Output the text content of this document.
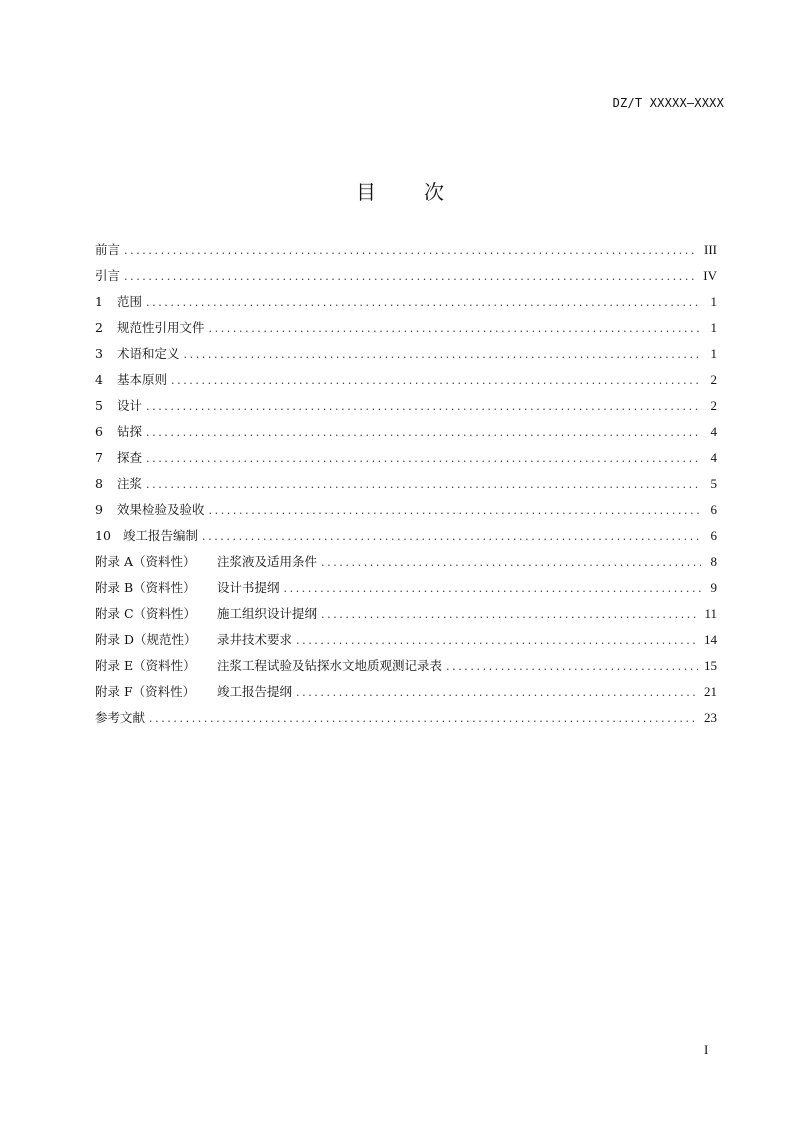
DZ/T XXXXX—XXXX
目 次
前言 .....	III
引言 .....	IV
1	范围 .....	1
2	规范性引用文件 .....	1
3	术语和定义 .....	1
4	基本原则 .....	2
5	设计 .....	2
6	钻探 .....	4
7	探查 .....	4
8	注浆 .....	5
9	效果检验及验收 .....	6
10 竣工报告编制 .....	6
附录 A（资料性）	注浆液及适用条件 .....	8
附录 B（资料性）	设计书提纲 .....	9
附录 C（资料性）	施工组织设计提纲 .....	11
附录 D（规范性）	录井技术要求 .....	14
附录 E（资料性）	注浆工程试验及钻探水文地质观测记录表 .....	15
附录 F（资料性）	竣工报告提纲 .....	21
参考文献 .....	23
I
